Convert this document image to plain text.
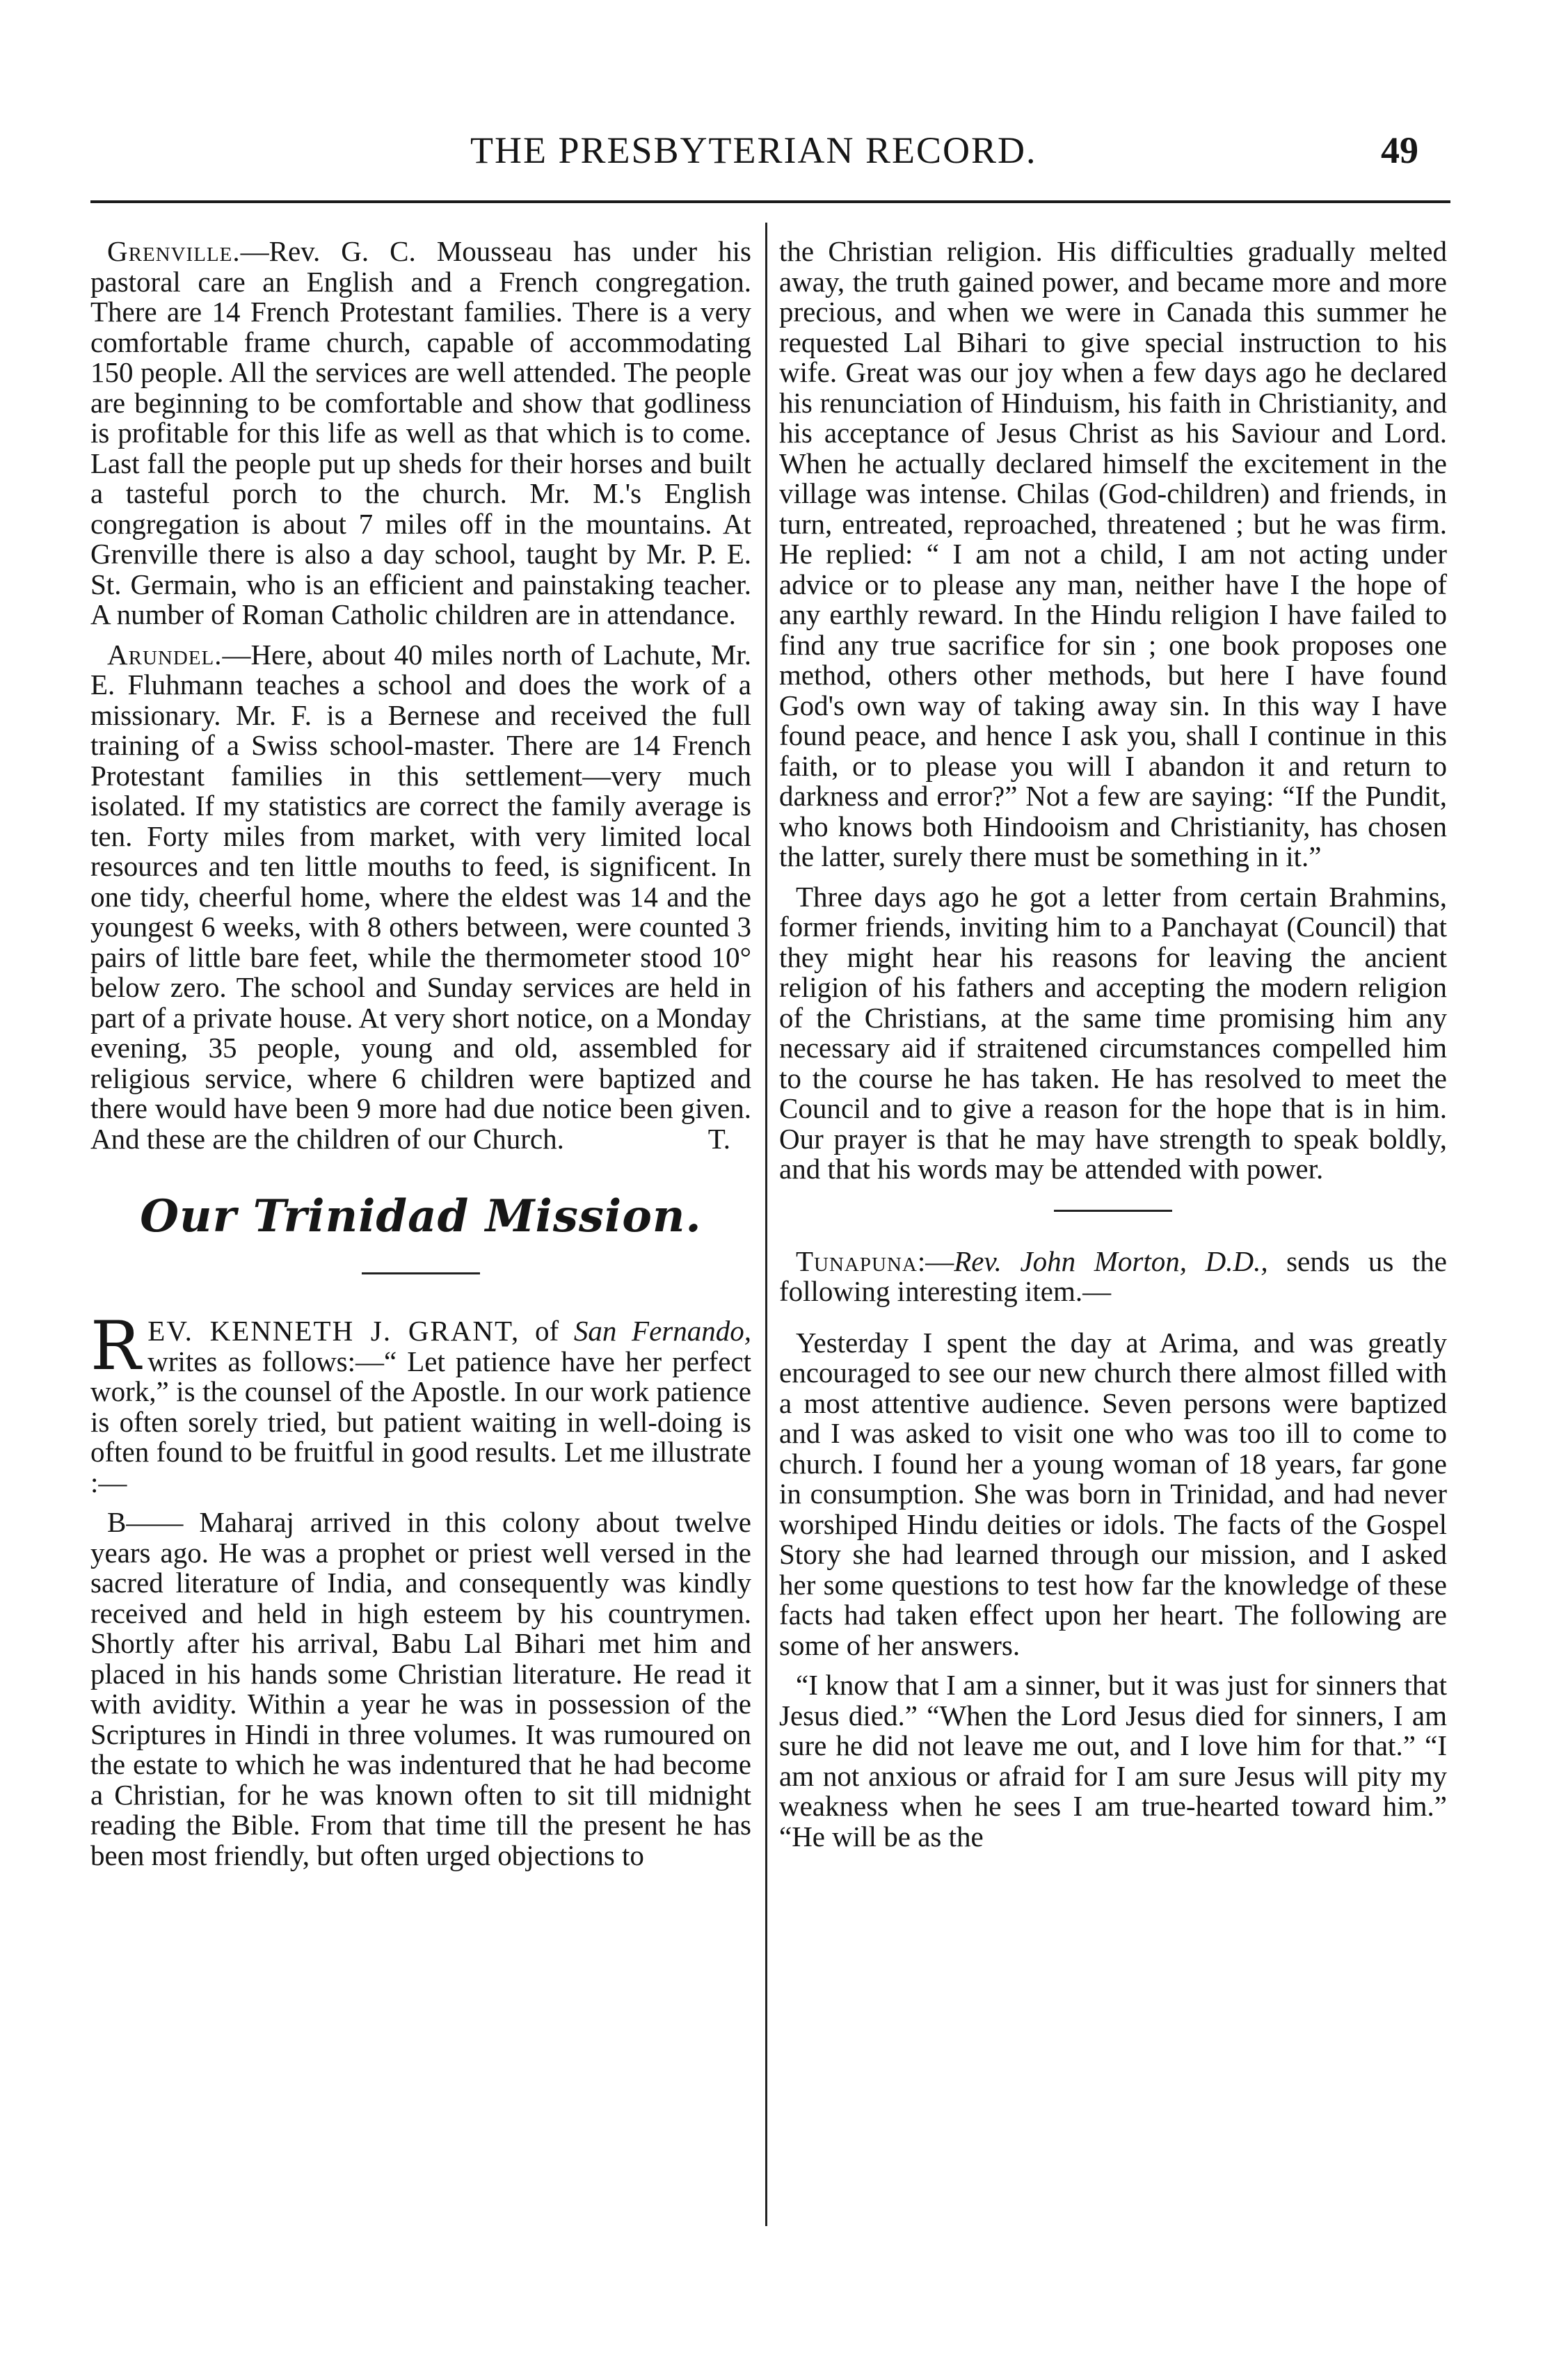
THE PRESBYTERIAN RECORD.	49

Grenville.—Rev. G. C. Mousseau has under his pastoral care an English and a French congregation. There are 14 French Protestant families. There is a very comfortable frame church, capable of accommodating 150 people. All the services are well attended. The people are beginning to be comfortable and show that godliness is profitable for this life as well as that which is to come. Last fall the people put up sheds for their horses and built a tasteful porch to the church. Mr. M.'s English congregation is about 7 miles off in the mountains. At Grenville there is also a day school, taught by Mr. P. E. St. Germain, who is an efficient and painstaking teacher. A number of Roman Catholic children are in attendance.

Arundel.—Here, about 40 miles north of Lachute, Mr. E. Fluhmann teaches a school and does the work of a missionary. Mr. F. is a Bernese and received the full training of a Swiss school-master. There are 14 French Protestant families in this settlement—very much isolated. If my statistics are correct the family average is ten. Forty miles from market, with very limited local resources and ten little mouths to feed, is significent. In one tidy, cheerful home, where the eldest was 14 and the youngest 6 weeks, with 8 others between, were counted 3 pairs of little bare feet, while the thermometer stood 10° below zero. The school and Sunday services are held in part of a private house. At very short notice, on a Monday evening, 35 people, young and old, assembled for religious service, where 6 children were baptized and there would have been 9 more had due notice been given. And these are the children of our Church.	T.

Our Trinidad Mission.

REV. KENNETH J. GRANT, of San Fernando, writes as follows:—“ Let patience have her perfect work,” is the counsel of the Apostle. In our work patience is often sorely tried, but patient waiting in well-doing is often found to be fruitful in good results. Let me illustrate :—

B—— Maharaj arrived in this colony about twelve years ago. He was a prophet or priest well versed in the sacred literature of India, and consequently was kindly received and held in high esteem by his countrymen. Shortly after his arrival, Babu Lal Bihari met him and placed in his hands some Christian literature. He read it with avidity. Within a year he was in possession of the Scriptures in Hindi in three volumes. It was rumoured on the estate to which he was indentured that he had become a Christian, for he was known often to sit till midnight reading the Bible. From that time till the present he has been most friendly, but often urged objections to

the Christian religion. His difficulties gradually melted away, the truth gained power, and became more and more precious, and when we were in Canada this summer he requested Lal Bihari to give special instruction to his wife. Great was our joy when a few days ago he declared his renunciation of Hinduism, his faith in Christianity, and his acceptance of Jesus Christ as his Saviour and Lord. When he actually declared himself the excitement in the village was intense. Chilas (God-children) and friends, in turn, entreated, reproached, threatened ; but he was firm. He replied: “ I am not a child, I am not acting under advice or to please any man, neither have I the hope of any earthly reward. In the Hindu religion I have failed to find any true sacrifice for sin ; one book proposes one method, others other methods, but here I have found God's own way of taking away sin. In this way I have found peace, and hence I ask you, shall I continue in this faith, or to please you will I abandon it and return to darkness and error?” Not a few are saying: “If the Pundit, who knows both Hindooism and Christianity, has chosen the latter, surely there must be something in it.”

Three days ago he got a letter from certain Brahmins, former friends, inviting him to a Panchayat (Council) that they might hear his reasons for leaving the ancient religion of his fathers and accepting the modern religion of the Christians, at the same time promising him any necessary aid if straitened circumstances compelled him to the course he has taken. He has resolved to meet the Council and to give a reason for the hope that is in him. Our prayer is that he may have strength to speak boldly, and that his words may be attended with power.

Tunapuna:—Rev. John Morton, D.D., sends us the following interesting item.—

Yesterday I spent the day at Arima, and was greatly encouraged to see our new church there almost filled with a most attentive audience. Seven persons were baptized and I was asked to visit one who was too ill to come to church. I found her a young woman of 18 years, far gone in consumption. She was born in Trinidad, and had never worshiped Hindu deities or idols. The facts of the Gospel Story she had learned through our mission, and I asked her some questions to test how far the knowledge of these facts had taken effect upon her heart. The following are some of her answers.

“I know that I am a sinner, but it was just for sinners that Jesus died.” “When the Lord Jesus died for sinners, I am sure he did not leave me out, and I love him for that.” “I am not anxious or afraid for I am sure Jesus will pity my weakness when he sees I am true-hearted toward him.” “He will be as the
